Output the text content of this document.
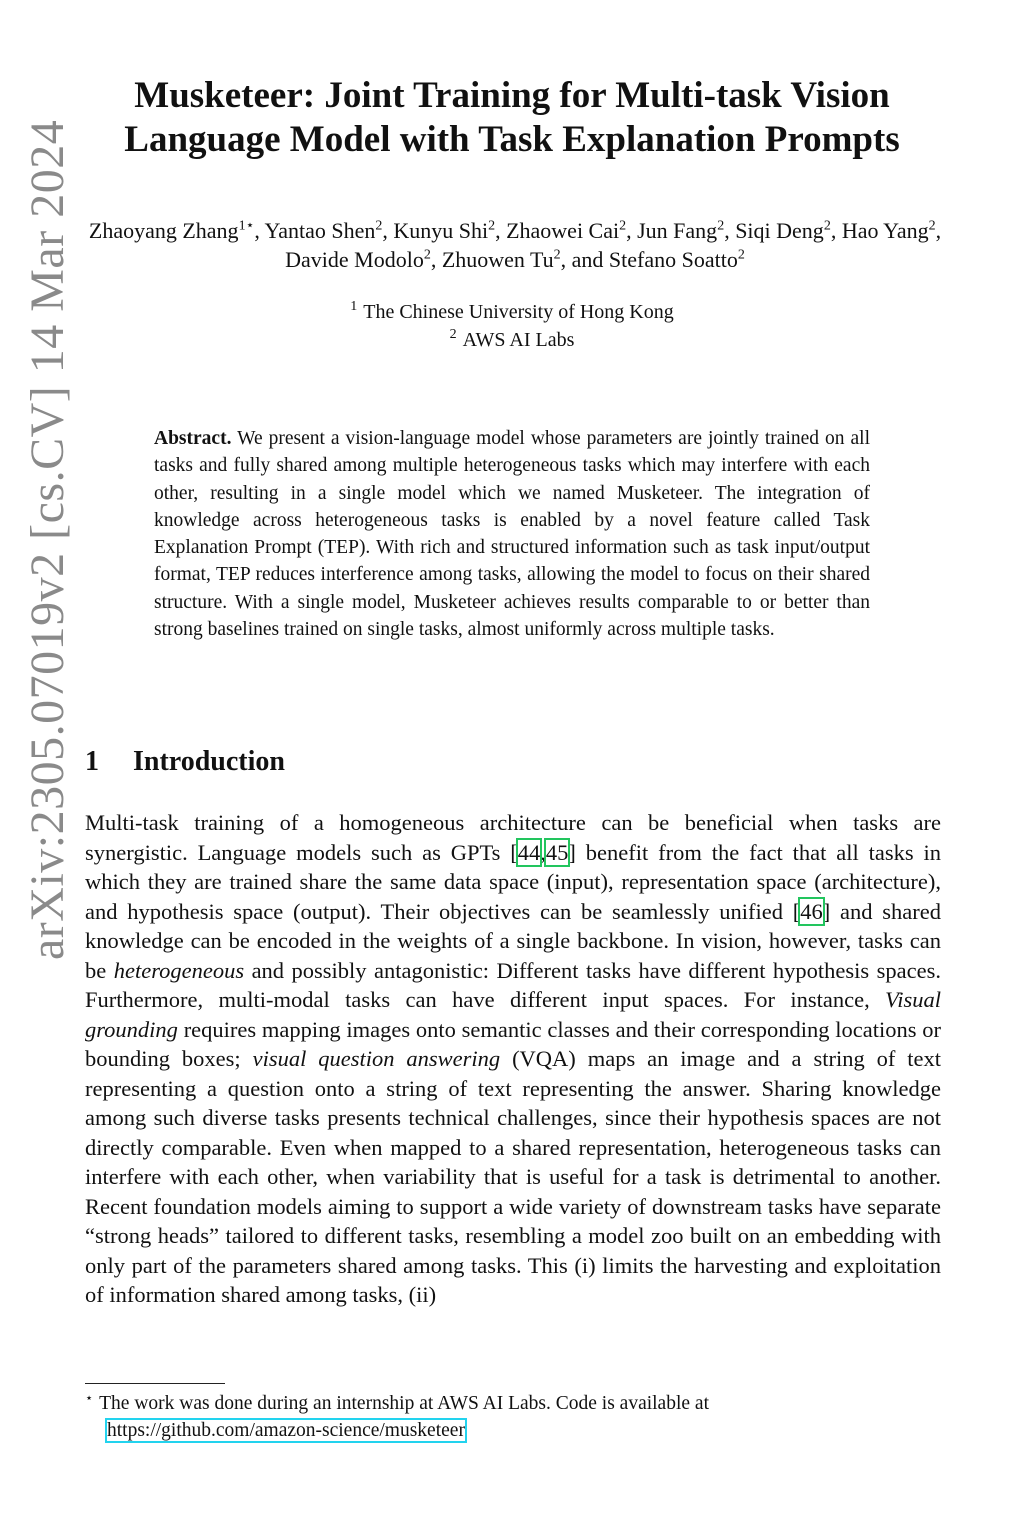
arXiv:2305.07019v2 [cs.CV] 14 Mar 2024
Musketeer: Joint Training for Multi-task Vision
Language Model with Task Explanation Prompts
Zhaoyang Zhang$^{1⋆}$, Yantao Shen$^2$, Kunyu Shi$^2$, Zhaowei Cai$^2$, Jun Fang$^2$, Siqi Deng$^2$, Hao Yang$^2$, Davide Modolo$^2$, Zhuowen Tu$^2$, and Stefano Soatto$^2$
$^1$ The Chinese University of Hong Kong
$^2$ AWS AI Labs
Abstract. We present a vision-language model whose parameters are jointly trained on all tasks and fully shared among multiple heterogeneous tasks which may interfere with each other, resulting in a single model which we named Musketeer. The integration of knowledge across heterogeneous tasks is enabled by a novel feature called Task Explanation Prompt (TEP). With rich and structured information such as task input/output format, TEP reduces interference among tasks, allowing the model to focus on their shared structure. With a single model, Musketeer achieves results comparable to or better than strong baselines trained on single tasks, almost uniformly across multiple tasks.
1 Introduction
Multi-task training of a homogeneous architecture can be beneficial when tasks are synergistic. Language models such as GPTs [44,45] benefit from the fact that all tasks in which they are trained share the same data space (input), representation space (architecture), and hypothesis space (output). Their objectives can be seamlessly unified [46] and shared knowledge can be encoded in the weights of a single backbone. In vision, however, tasks can be heterogeneous and possibly antagonistic: Different tasks have different hypothesis spaces. Furthermore, multi-modal tasks can have different input spaces. For instance, Visual grounding requires mapping images onto semantic classes and their corresponding locations or bounding boxes; visual question answering (VQA) maps an image and a string of text representing a question onto a string of text representing the answer. Sharing knowledge among such diverse tasks presents technical challenges, since their hypothesis spaces are not directly comparable. Even when mapped to a shared representation, heterogeneous tasks can interfere with each other, when variability that is useful for a task is detrimental to another. Recent foundation models aiming to support a wide variety of downstream tasks have separate “strong heads” tailored to different tasks, resembling a model zoo built on an embedding with only part of the parameters shared among tasks. This (i) limits the harvesting and exploitation of information shared among tasks, (ii)
⋆ The work was done during an internship at AWS AI Labs. Code is available at
https://github.com/amazon-science/musketeer
